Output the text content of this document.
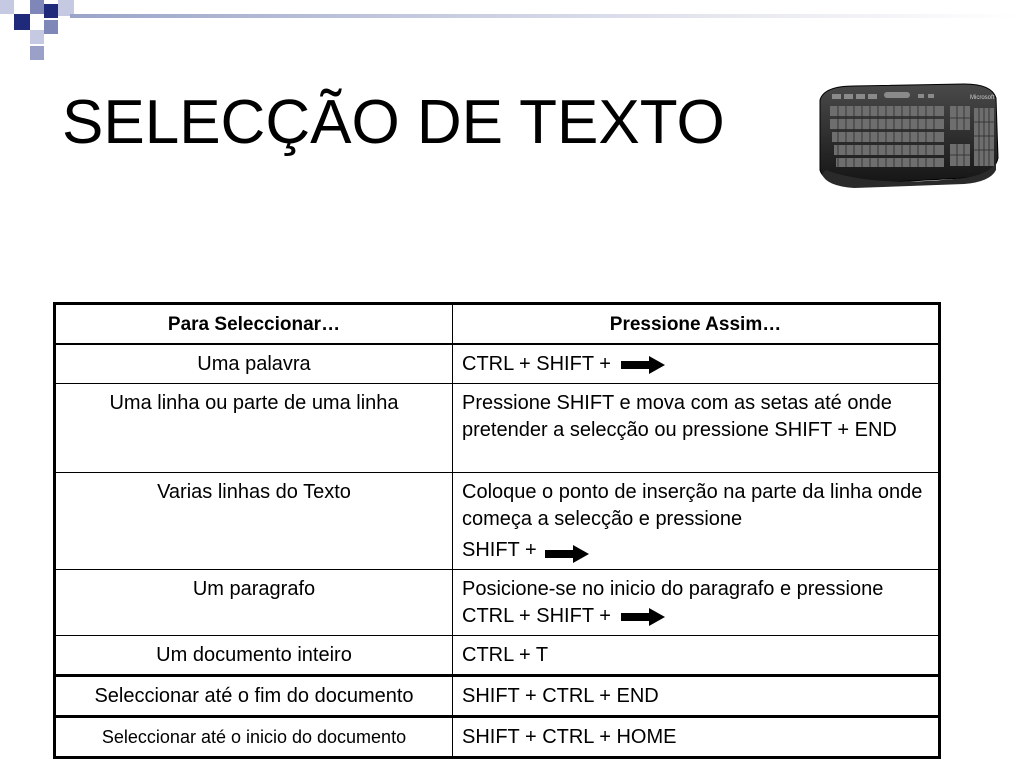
SELECÇÃO DE TEXTO	Microsoft
Para Seleccionar…	Pressione Assim…
Uma palavra	CTRL + SHIFT +
Uma linha ou parte de uma linha	Pressione SHIFT e mova com as setas até onde pretender a selecção ou pressione SHIFT + END
Varias linhas do Texto	Coloque o ponto de inserção na parte da linha onde começa a selecção e pressione
SHIFT +

Um paragrafo	Posicione-se no inicio do paragrafo e pressione CTRL + SHIFT +
Um documento inteiro	CTRL + T
Seleccionar até o fim do documento	SHIFT + CTRL + END
Seleccionar até o inicio do documento	SHIFT + CTRL + HOME
